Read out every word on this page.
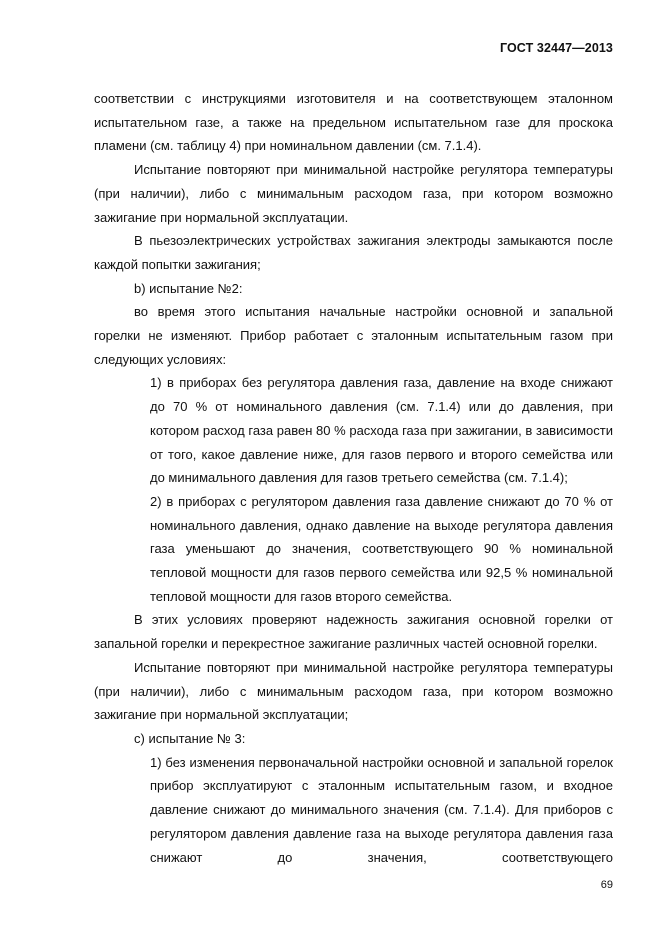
ГОСТ 32447—2013

соответствии с инструкциями изготовителя и на соответствующем эталонном испытательном газе, а также на предельном испытательном газе для проскока пламени (см. таблицу 4) при номинальном давлении (см. 7.1.4).

Испытание повторяют при минимальной настройке регулятора температуры (при наличии), либо с минимальным расходом газа, при котором возможно зажигание при нормальной эксплуатации.

В пьезоэлектрических устройствах зажигания электроды замыкаются после каждой попытки зажигания;

b) испытание №2:

во время этого испытания начальные настройки основной и запальной горелки не изменяют. Прибор работает с эталонным испытательным газом при следующих условиях:

1) в приборах без регулятора давления газа, давление на входе снижают до 70 % от номинального давления (см. 7.1.4) или до давления, при котором расход газа равен 80 % расхода газа при зажигании, в зависимости от того, какое давление ниже, для газов первого и второго семейства или до минимального давления для газов третьего семейства (см. 7.1.4);

2) в приборах с регулятором давления газа давление снижают до 70 % от номинального давления, однако давление на выходе регулятора давления газа уменьшают до значения, соответствующего 90 % номинальной тепловой мощности для газов первого семейства или 92,5 % номинальной тепловой мощности для газов второго семейства.

В этих условиях проверяют надежность зажигания основной горелки от запальной горелки и перекрестное зажигание различных частей основной горелки.

Испытание повторяют при минимальной настройке регулятора температуры (при наличии), либо с минимальным расходом газа, при котором возможно зажигание при нормальной эксплуатации;

с) испытание № 3:

1) без изменения первоначальной настройки основной и запальной горелок прибор эксплуатируют с эталонным испытательным газом, и входное давление снижают до минимального значения (см. 7.1.4). Для приборов с регулятором давления давление газа на выходе регулятора давления газа снижают до значения, соответствующего

69
